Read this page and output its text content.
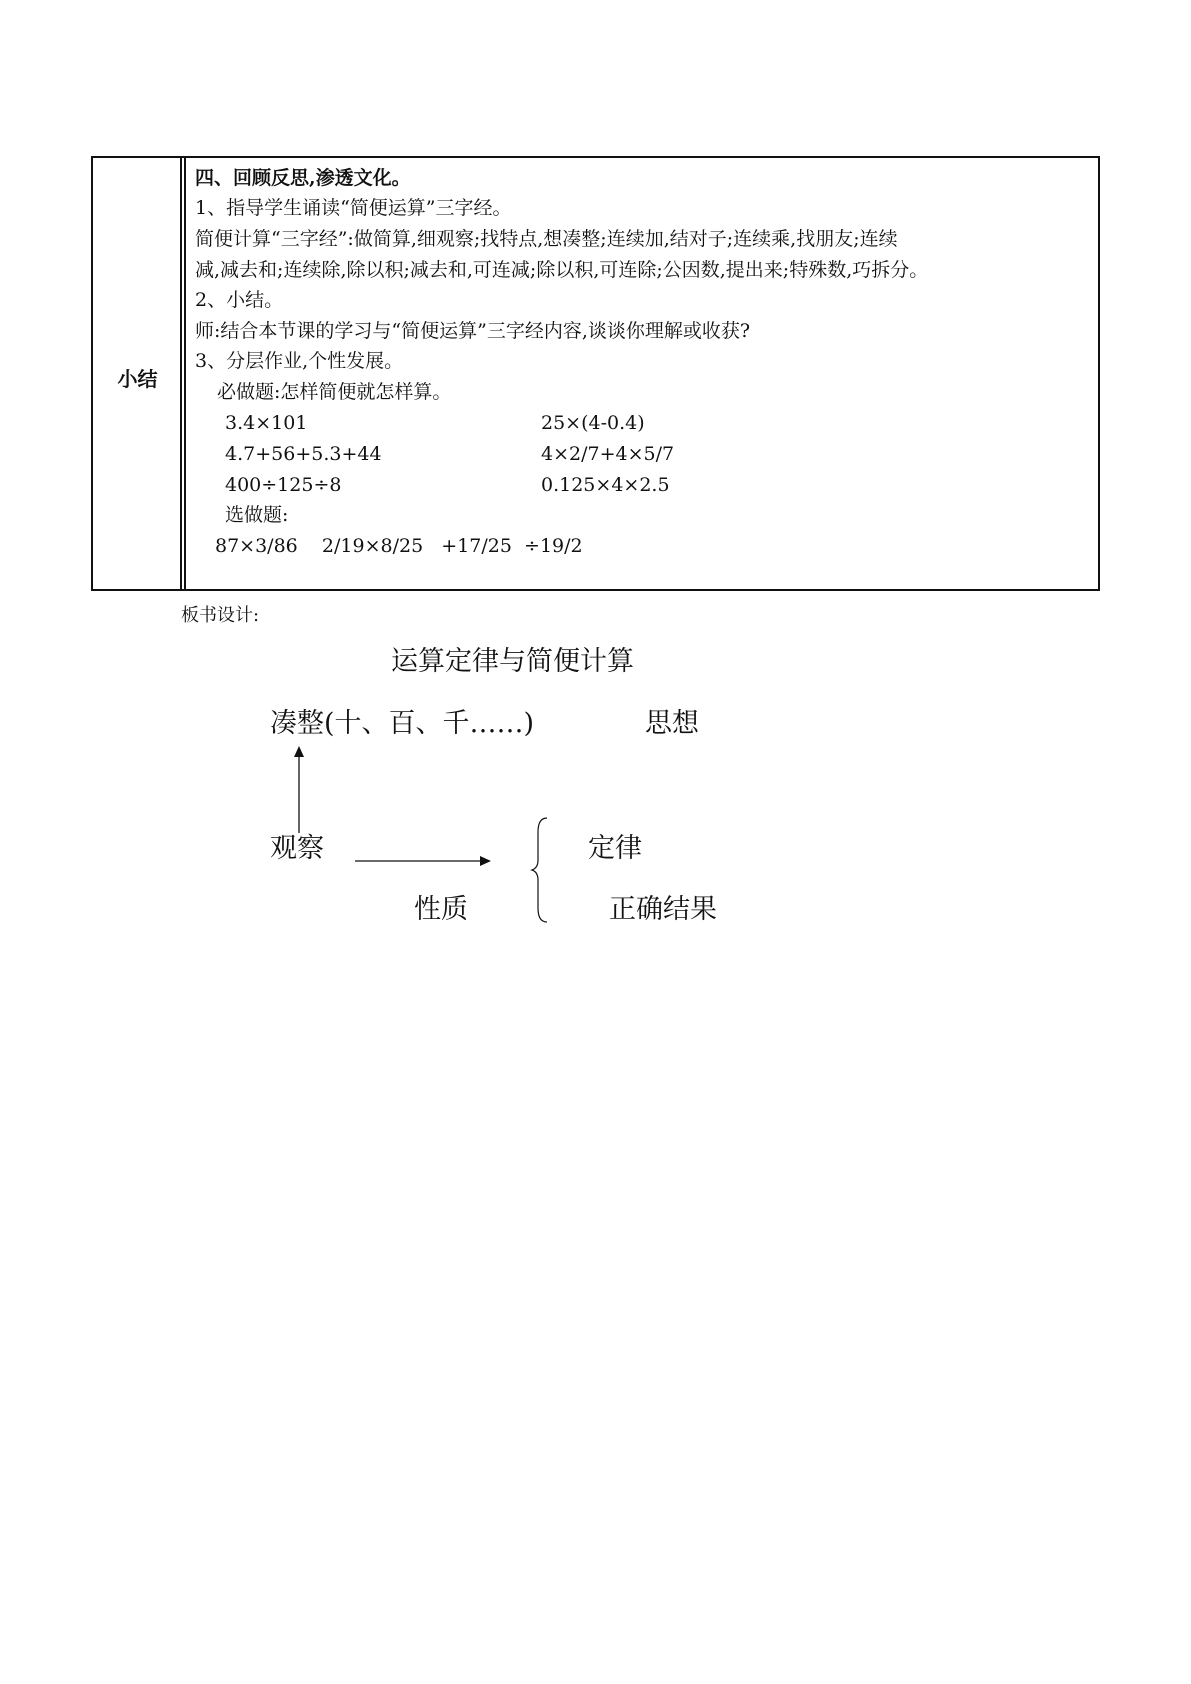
小结
四、回顾反思,渗透文化。
1、指导学生诵读“简便运算”三字经。
简便计算“三字经”:做简算,细观察;找特点,想凑整;连续加,结对子;连续乘,找朋友;连续
减,减去和;连续除,除以积;减去和,可连减;除以积,可连除;公因数,提出来;特殊数,巧拆分。
2、小结。
师:结合本节课的学习与“简便运算”三字经内容,谈谈你理解或收获?
3、分层作业,个性发展。
必做题:怎样简便就怎样算。
3.4×101	25×(4-0.4)
4.7+56+5.3+44	4×2/7+4×5/7
400÷125÷8	0.125×4×2.5
选做题:
87×3/86    2/19×8/25   +17/25  ÷19/2
板书设计:
运算定律与简便计算
凑整(十、百、千……)	思想
观察	定律
性质	正确结果
